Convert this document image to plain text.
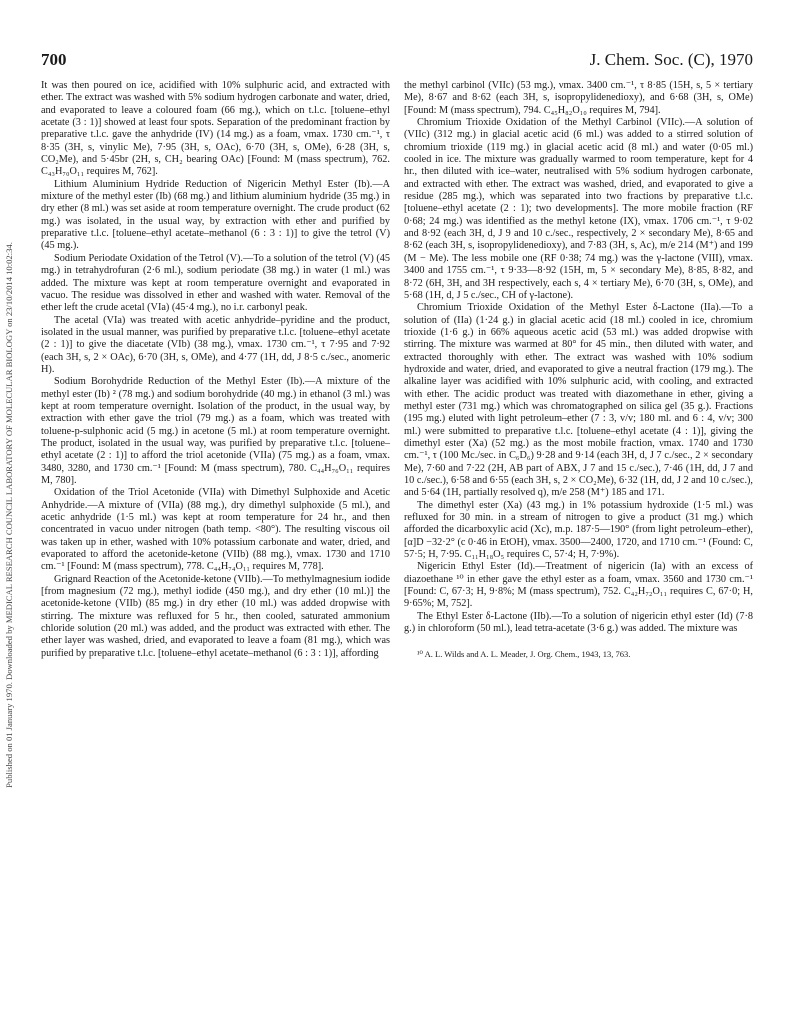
Published on 01 January 1970. Downloaded by MEDICAL RESEARCH COUNCIL LABORATORY OF MOLECULAR BIOLOGY on 23/10/2014 10:02:34.
700	J. Chem. Soc. (C), 1970

It was then poured on ice, acidified with 10% sulphuric acid, and extracted with ether. The extract was washed with 5% sodium hydrogen carbonate and water, dried, and evaporated to leave a coloured foam (66 mg.), which on t.l.c. [toluene–ethyl acetate (3 : 1)] showed at least four spots. Separation of the predominant fraction by preparative t.l.c. gave the anhydride (IV) (14 mg.) as a foam, νmax. 1730 cm.⁻¹, τ 8·35 (3H, s, vinylic Me), 7·95 (3H, s, OAc), 6·70 (3H, s, OMe), 6·28 (3H, s, CO₂Me), and 5·45br (2H, s, CH₂ bearing OAc) [Found: M (mass spectrum), 762. C₄₃H₇₀O₁₁ requires M, 762].

Lithium Aluminium Hydride Reduction of Nigericin Methyl Ester (Ib).—A mixture of the methyl ester (Ib) (68 mg.) and lithium aluminium hydride (35 mg.) in dry ether (8 ml.) was set aside at room temperature overnight. The crude product (62 mg.) was isolated, in the usual way, by extraction with ether and purified by preparative t.l.c. [toluene–ethyl acetate–methanol (6 : 3 : 1)] to give the tetrol (V) (45 mg.).

Sodium Periodate Oxidation of the Tetrol (V).—To a solution of the tetrol (V) (45 mg.) in tetrahydrofuran (2·6 ml.), sodium periodate (38 mg.) in water (1 ml.) was added. The mixture was kept at room temperature overnight and evaporated in vacuo. The residue was dissolved in ether and washed with water. Removal of the ether left the crude acetal (VIa) (45·4 mg.), no i.r. carbonyl peak.

The acetal (VIa) was treated with acetic anhydride–pyridine and the product, isolated in the usual manner, was purified by preparative t.l.c. [toluene–ethyl acetate (2 : 1)] to give the diacetate (VIb) (38 mg.), νmax. 1730 cm.⁻¹, τ 7·95 and 7·92 (each 3H, s, 2 × OAc), 6·70 (3H, s, OMe), and 4·77 (1H, dd, J 8·5 c./sec., anomeric H).

Sodium Borohydride Reduction of the Methyl Ester (Ib).—A mixture of the methyl ester (Ib) ² (78 mg.) and sodium borohydride (40 mg.) in ethanol (3 ml.) was kept at room temperature overnight. Isolation of the product, in the usual way, by extraction with ether gave the triol (79 mg.) as a foam, which was treated with toluene-p-sulphonic acid (5 mg.) in acetone (5 ml.) at room temperature overnight. The product, isolated in the usual way, was purified by preparative t.l.c. [toluene–ethyl acetate (2 : 1)] to afford the triol acetonide (VIIa) (75 mg.) as a foam, νmax. 3480, 3280, and 1730 cm.⁻¹ [Found: M (mass spectrum), 780. C₄₄H₇₆O₁₁ requires M, 780].

Oxidation of the Triol Acetonide (VIIa) with Dimethyl Sulphoxide and Acetic Anhydride.—A mixture of (VIIa) (88 mg.), dry dimethyl sulphoxide (5 ml.), and acetic anhydride (1·5 ml.) was kept at room temperature for 24 hr., and then concentrated in vacuo under nitrogen (bath temp. <80°). The resulting viscous oil was taken up in ether, washed with 10% potassium carbonate and water, dried, and evaporated to afford the acetonide-ketone (VIIb) (88 mg.), νmax. 1730 and 1710 cm.⁻¹ [Found: M (mass spectrum), 778. C₄₄H₇₄O₁₁ requires M, 778].

Grignard Reaction of the Acetonide-ketone (VIIb).—To methylmagnesium iodide [from magnesium (72 mg.), methyl iodide (450 mg.), and dry ether (10 ml.)] the acetonide-ketone (VIIb) (85 mg.) in dry ether (10 ml.) was added dropwise with stirring. The mixture was refluxed for 5 hr., then cooled, saturated ammonium chloride solution (20 ml.) was added, and the product was extracted with ether. The ether layer was washed, dried, and evaporated to leave a foam (81 mg.), which was purified by preparative t.l.c. [toluene–ethyl acetate–methanol (6 : 3 : 1)], affording

the methyl carbinol (VIIc) (53 mg.), νmax. 3400 cm.⁻¹, τ 8·85 (15H, s, 5 × tertiary Me), 8·67 and 8·62 (each 3H, s, isopropylidenedioxy), and 6·68 (3H, s, OMe) [Found: M (mass spectrum), 794. C₄₅H₈₂O₁₀ requires M, 794].

Chromium Trioxide Oxidation of the Methyl Carbinol (VIIc).—A solution of (VIIc) (312 mg.) in glacial acetic acid (6 ml.) was added to a stirred solution of chromium trioxide (119 mg.) in glacial acetic acid (8 ml.) and water (0·05 ml.) cooled in ice. The mixture was gradually warmed to room temperature, kept for 4 hr., then diluted with ice–water, neutralised with 5% sodium hydrogen carbonate, and extracted with ether. The extract was washed, dried, and evaporated to give a residue (285 mg.), which was separated into two fractions by preparative t.l.c. [toluene–ethyl acetate (2 : 1); two developments]. The more mobile fraction (RF 0·68; 24 mg.) was identified as the methyl ketone (IX), νmax. 1706 cm.⁻¹, τ 9·02 and 8·92 (each 3H, d, J 9 and 10 c./sec., respectively, 2 × secondary Me), 8·65 and 8·62 (each 3H, s, isopropylidenedioxy), and 7·83 (3H, s, Ac), m/e 214 (M⁺) and 199 (M − Me). The less mobile one (RF 0·38; 74 mg.) was the γ-lactone (VIII), νmax. 3400 and 1755 cm.⁻¹, τ 9·33—8·92 (15H, m, 5 × secondary Me), 8·85, 8·82, and 8·72 (6H, 3H, and 3H respectively, each s, 4 × tertiary Me), 6·70 (3H, s, OMe), and 5·68 (1H, d, J 5 c./sec., CH of γ-lactone).

Chromium Trioxide Oxidation of the Methyl Ester δ-Lactone (IIa).—To a solution of (IIa) (1·24 g.) in glacial acetic acid (18 ml.) cooled in ice, chromium trioxide (1·6 g.) in 66% aqueous acetic acid (53 ml.) was added dropwise with stirring. The mixture was warmed at 80° for 45 min., then diluted with water, and extracted thoroughly with ether. The extract was washed with 10% sodium hydroxide and water, dried, and evaporated to give a neutral fraction (179 mg.). The alkaline layer was acidified with 10% sulphuric acid, with cooling, and extracted with ether. The acidic product was treated with diazomethane in ether, giving a methyl ester (731 mg.) which was chromatographed on silica gel (35 g.). Fractions (195 mg.) eluted with light petroleum–ether (7 : 3, v/v; 180 ml. and 6 : 4, v/v; 300 ml.) were submitted to preparative t.l.c. [toluene–ethyl acetate (4 : 1)], giving the dimethyl ester (Xa) (52 mg.) as the most mobile fraction, νmax. 1740 and 1730 cm.⁻¹, τ (100 Mc./sec. in C₆D₆) 9·28 and 9·14 (each 3H, d, J 7 c./sec., 2 × secondary Me), 7·60 and 7·22 (2H, AB part of ABX, J 7 and 15 c./sec.), 7·46 (1H, dd, J 7 and 10 c./sec.), 6·58 and 6·55 (each 3H, s, 2 × CO₂Me), 6·32 (1H, dd, J 2 and 10 c./sec.), and 5·64 (1H, partially resolved q), m/e 258 (M⁺) 185 and 171.

The dimethyl ester (Xa) (43 mg.) in 1% potassium hydroxide (1·5 ml.) was refluxed for 30 min. in a stream of nitrogen to give a product (31 mg.) which afforded the dicarboxylic acid (Xc), m.p. 187·5—190° (from light petroleum–ether), [α]D −32·2° (c 0·46 in EtOH), νmax. 3500—2400, 1720, and 1710 cm.⁻¹ (Found: C, 57·5; H, 7·95. C₁₁H₁₈O₅ requires C, 57·4; H, 7·9%).

Nigericin Ethyl Ester (Id).—Treatment of nigericin (Ia) with an excess of diazoethane ¹⁰ in ether gave the ethyl ester as a foam, νmax. 3560 and 1730 cm.⁻¹ [Found: C, 67·3; H, 9·8%; M (mass spectrum), 752. C₄₂H₇₂O₁₁ requires C, 67·0; H, 9·65%; M, 752].

The Ethyl Ester δ-Lactone (IIb).—To a solution of nigericin ethyl ester (Id) (7·8 g.) in chloroform (50 ml.), lead tetra-acetate (3·6 g.) was added. The mixture was

¹⁰ A. L. Wilds and A. L. Meader, J. Org. Chem., 1943, 13, 763.
